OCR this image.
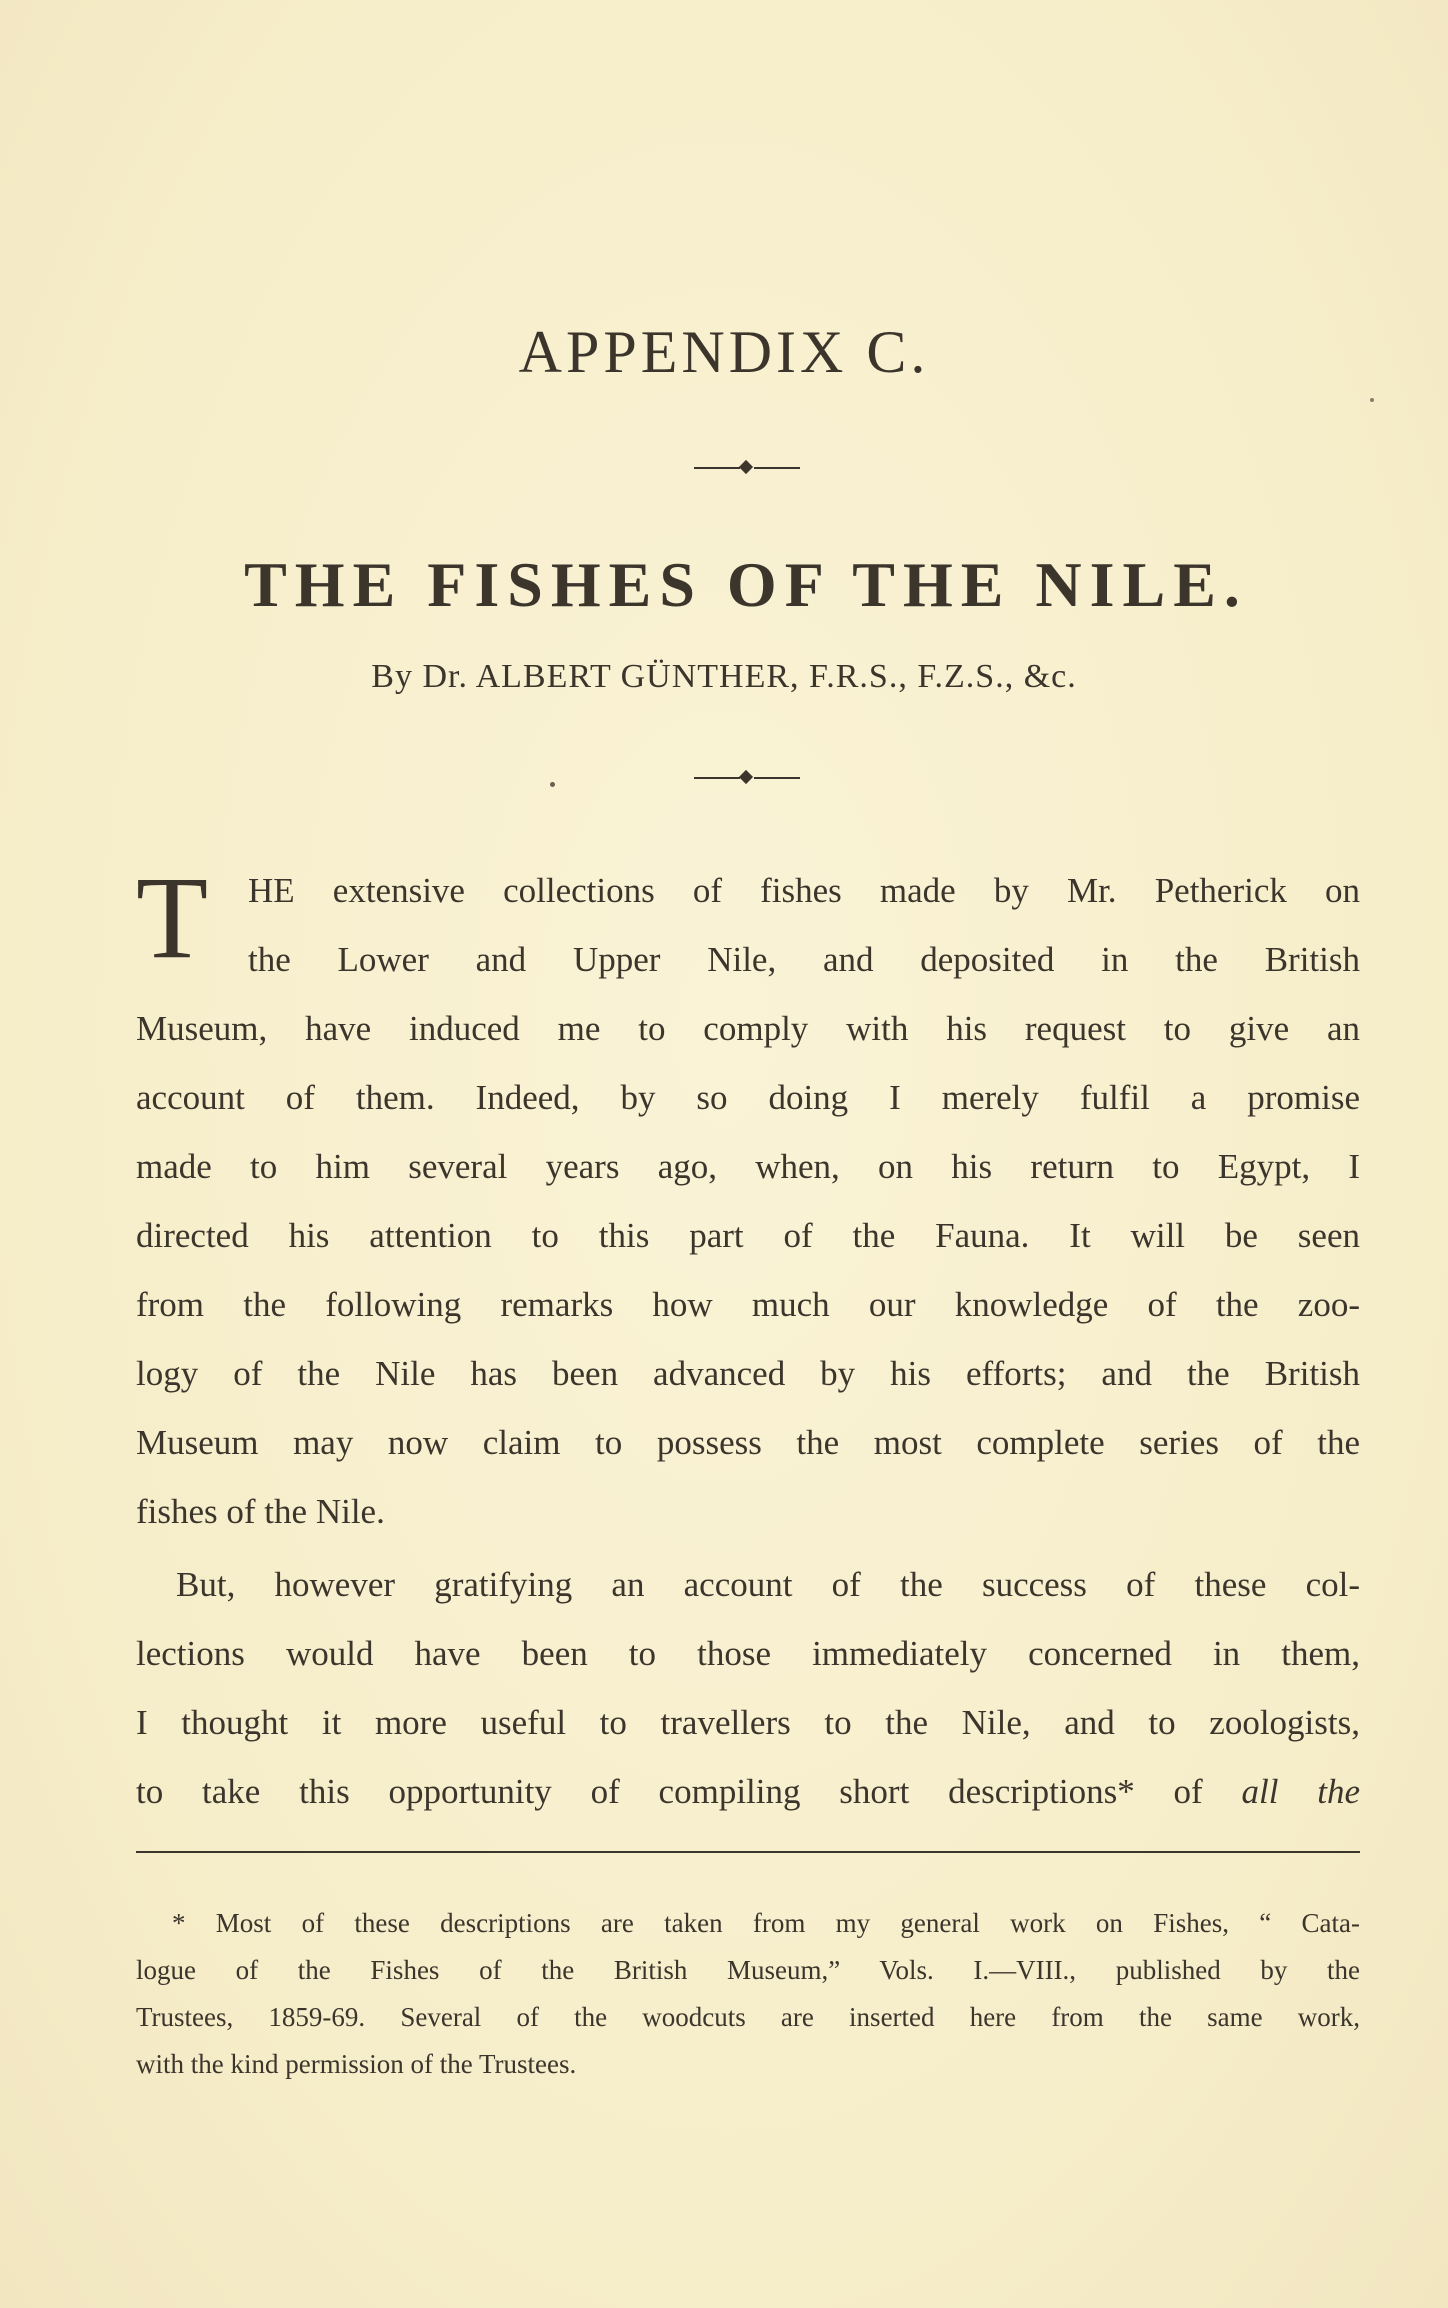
APPENDIX C.
THE FISHES OF THE NILE.
By Dr. ALBERT GÜNTHER, F.R.S., F.Z.S., &c.
T	HE extensive collections of fishes made by Mr. Petherick on
the Lower and Upper Nile, and deposited in the British
Museum, have induced me to comply with his request to give an
account of them. Indeed, by so doing I merely fulfil a promise
made to him several years ago, when, on his return to Egypt, I
directed his attention to this part of the Fauna. It will be seen
from the following remarks how much our knowledge of the zoo-
logy of the Nile has been advanced by his efforts; and the British
Museum may now claim to possess the most complete series of the
fishes of the Nile.
But, however gratifying an account of the success of these col-
lections would have been to those immediately concerned in them,
I thought it more useful to travellers to the Nile, and to zoologists,
to take this opportunity of compiling short descriptions* of all the
* Most of these descriptions are taken from my general work on Fishes, “ Cata-
logue of the Fishes of the British Museum,” Vols. I.—VIII., published by the
Trustees, 1859-69. Several of the woodcuts are inserted here from the same work,
with the kind permission of the Trustees.
